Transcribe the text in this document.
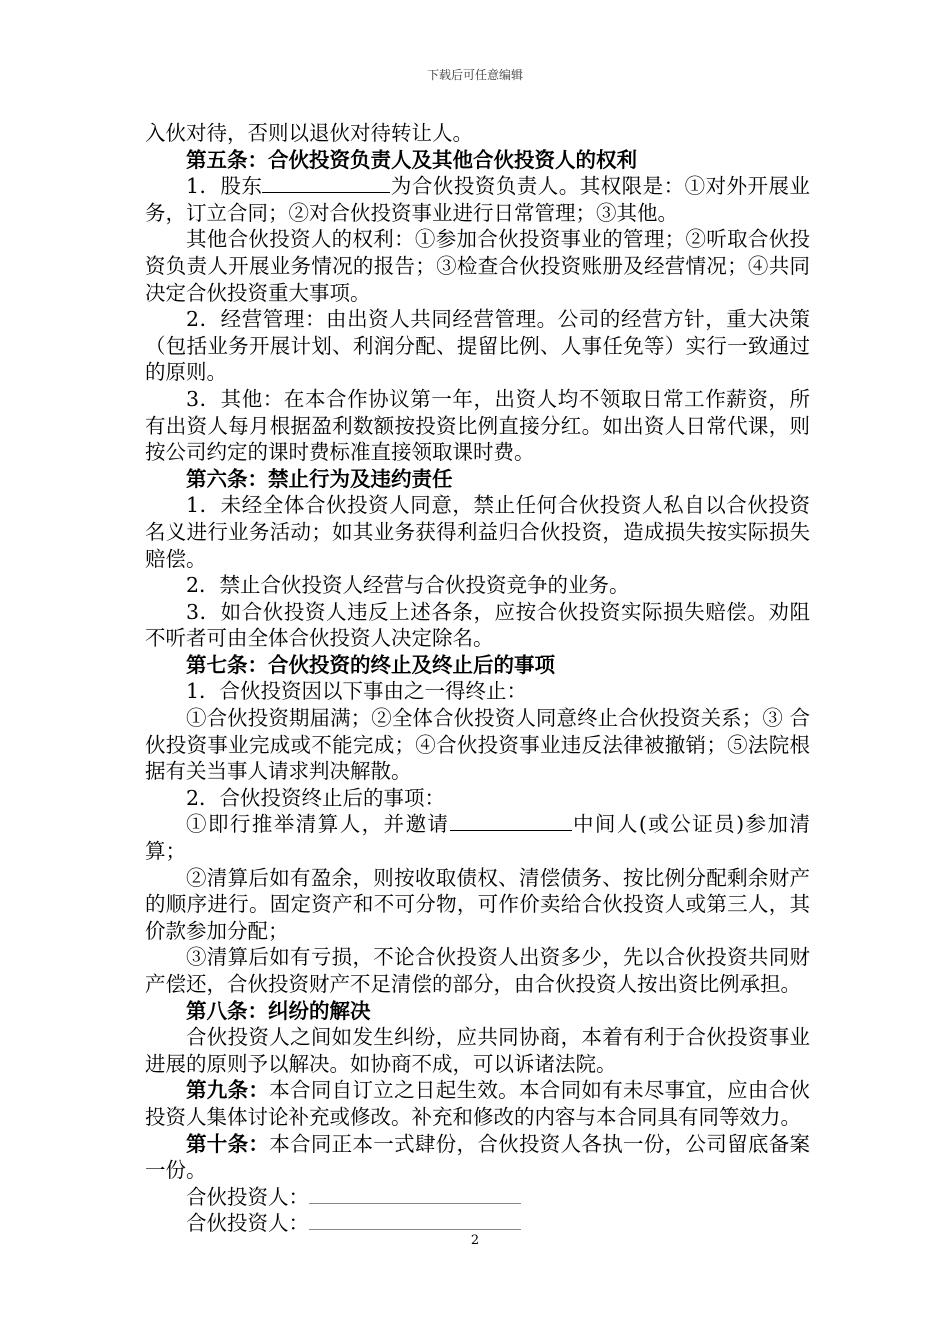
下载后可任意编辑

入伙对待，否则以退伙对待转让人。

第五条：合伙投资负责人及其他合伙投资人的权利

1．股东	为合伙投资负责人。其权限是：①对外开展业务，订立合同；②对合伙投资事业进行日常管理；③其他。

其他合伙投资人的权利：①参加合伙投资事业的管理；②听取合伙投资负责人开展业务情况的报告；③检查合伙投资账册及经营情况；④共同决定合伙投资重大事项。

2．经营管理：由出资人共同经营管理。公司的经营方针，重大决策（包括业务开展计划、利润分配、提留比例、人事任免等）实行一致通过的原则。

3．其他：在本合作协议第一年，出资人均不领取日常工作薪资，所有出资人每月根据盈利数额按投资比例直接分红。如出资人日常代课，则按公司约定的课时费标准直接领取课时费。

第六条：禁止行为及违约责任

1．未经全体合伙投资人同意，禁止任何合伙投资人私自以合伙投资名义进行业务活动；如其业务获得利益归合伙投资，造成损失按实际损失赔偿。

2．禁止合伙投资人经营与合伙投资竞争的业务。

3．如合伙投资人违反上述各条，应按合伙投资实际损失赔偿。劝阻不听者可由全体合伙投资人决定除名。

第七条：合伙投资的终止及终止后的事项

1．合伙投资因以下事由之一得终止：

①合伙投资期届满；②全体合伙投资人同意终止合伙投资关系；③ 合伙投资事业完成或不能完成；④合伙投资事业违反法律被撤销；⑤法院根据有关当事人请求判决解散。

2．合伙投资终止后的事项：

①即行推举清算人，并邀请	中间人(或公证员)参加清算；

②清算后如有盈余，则按收取债权、清偿债务、按比例分配剩余财产的顺序进行。固定资产和不可分物，可作价卖给合伙投资人或第三人，其价款参加分配；

③清算后如有亏损，不论合伙投资人出资多少，先以合伙投资共同财产偿还，合伙投资财产不足清偿的部分，由合伙投资人按出资比例承担。

第八条：纠纷的解决

合伙投资人之间如发生纠纷，应共同协商，本着有利于合伙投资事业进展的原则予以解决。如协商不成，可以诉诸法院。

第九条：本合同自订立之日起生效。本合同如有未尽事宜，应由合伙投资人集体讨论补充或修改。补充和修改的内容与本合同具有同等效力。

第十条：本合同正本一式肆份，合伙投资人各执一份，公司留底备案一份。

合伙投资人：

合伙投资人：

2
